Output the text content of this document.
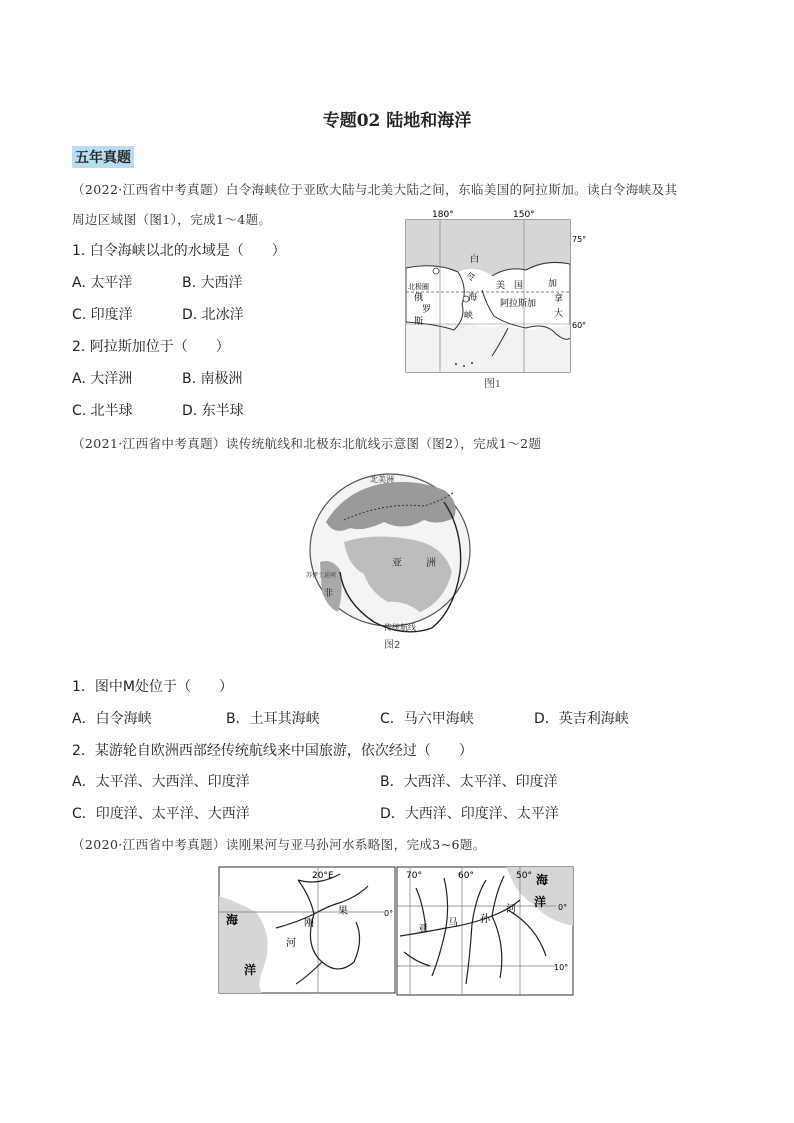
专题02 陆地和海洋
五年真题
（2022·江西省中考真题）白令海峡位于亚欧大陆与北美大陆之间，东临美国的阿拉斯加。读白令海峡及其
周边区域图（图1），完成1～4题。
1. 白令海峡以北的水域是（　　）
A. 太平洋	B. 大西洋
C. 印度洋	D. 北冰洋
2. 阿拉斯加位于（　　）
A. 大洋洲	B. 南极洲
C. 北半球	D. 东半球
180°	150°
北极圈
俄
罗
斯
白
令
海
峡
美　国
阿拉斯加
加
拿
大
75°
60°
图1
（2021·江西省中考真题）读传统航线和北极东北航线示意图（图2），完成1～2题
北美洲
亚 洲
苏伊士运河
非
传统航线
图2
1．图中M处位于（　　）
A．白令海峡	B．土耳其海峡	C．马六甲海峡	D．英吉利海峡
2．某游轮自欧洲西部经传统航线来中国旅游，依次经过（　　）
A．太平洋、大西洋、印度洋	B．大西洋、太平洋、印度洋
C．印度洋、太平洋、大西洋	D．大西洋、印度洋、太平洋
（2020·江西省中考真题）读刚果河与亚马孙河水系略图，完成3~6题。
20°E
0°
海
洋
刚
果
河
70°	60°	50°
0°
10°
海
洋
亚
马 孙
河
